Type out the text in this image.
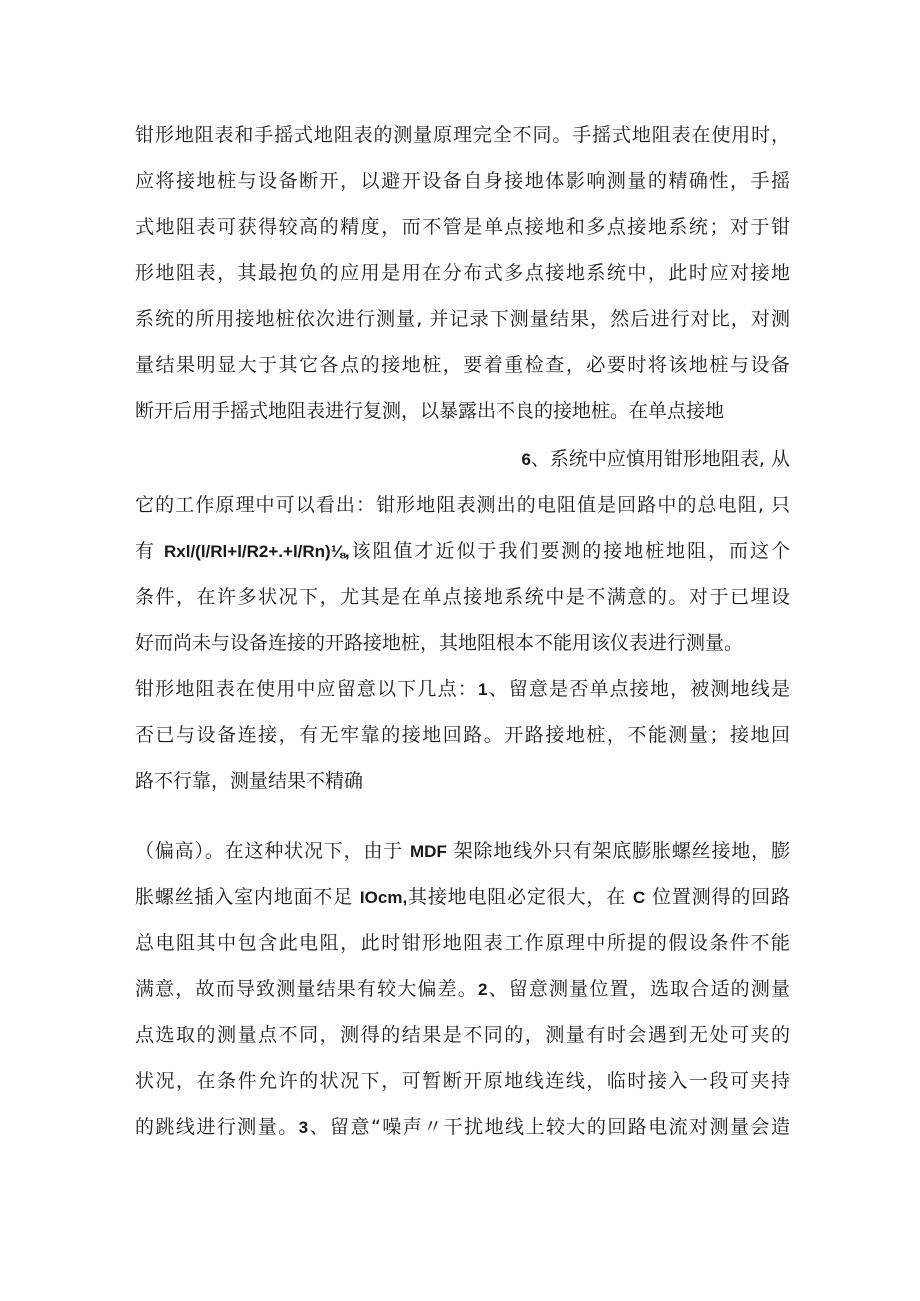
钳形地阻表和手摇式地阻表的测量原理完全不同。手摇式地阻表在使用时，
应将接地桩与设备断开，以避开设备自身接地体影响测量的精确性，手摇
式地阻表可获得较高的精度，而不管是单点接地和多点接地系统；对于钳
形地阻表，其最抱负的应用是用在分布式多点接地系统中，此时应对接地
系统的所用接地桩依次进行测量, 并记录下测量结果，然后进行对比，对测
量结果明显大于其它各点的接地桩，要着重检查，必要时将该地桩与设备
断开后用手摇式地阻表进行复测，以暴露出不良的接地桩。在单点接地
6、系统中应慎用钳形地阻表, 从
它的工作原理中可以看出：钳形地阻表测出的电阻值是回路中的总电阻, 只
有 Rxl/(l/Rl+l/R2+.+l/Rn)⅛,该阻值才近似于我们要测的接地桩地阻，而这个
条件，在许多状况下，尤其是在单点接地系统中是不满意的。对于已埋设
好而尚未与设备连接的开路接地桩，其地阻根本不能用该仪表进行测量。
钳形地阻表在使用中应留意以下几点：1、留意是否单点接地，被测地线是
否已与设备连接，有无牢靠的接地回路。开路接地桩，不能测量；接地回
路不行靠，测量结果不精确
（偏高）。在这种状况下，由于 MDF 架除地线外只有架底膨胀螺丝接地，膨
胀螺丝插入室内地面不足 IOcm,其接地电阻必定很大，在 C 位置测得的回路
总电阻其中包含此电阻，此时钳形地阻表工作原理中所提的假设条件不能
满意，故而导致测量结果有较大偏差。2、留意测量位置，选取合适的测量
点选取的测量点不同，测得的结果是不同的，测量有时会遇到无处可夹的
状况，在条件允许的状况下，可暂断开原地线连线，临时接入一段可夹持
的跳线进行测量。3、留意“噪声〃干扰地线上较大的回路电流对测量会造
